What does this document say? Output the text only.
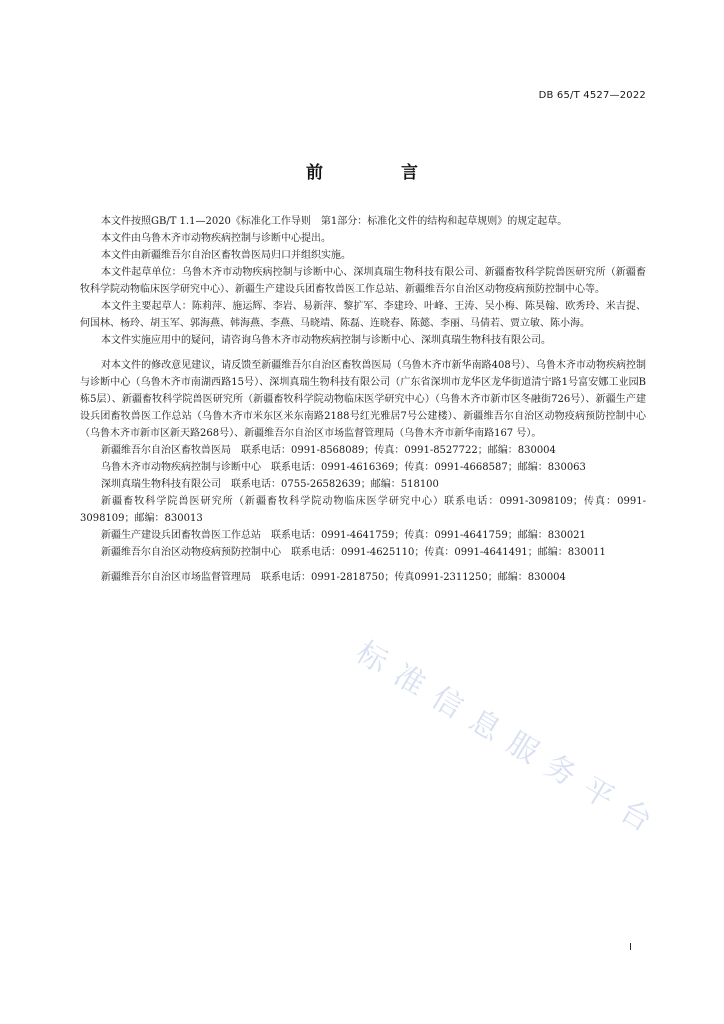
DB 65/T 4527—2022
前 言

本文件按照GB/T 1.1—2020《标准化工作导则　第1部分：标准化文件的结构和起草规则》的规定起草。

本文件由乌鲁木齐市动物疾病控制与诊断中心提出。

本文件由新疆维吾尔自治区畜牧兽医局归口并组织实施。

本文件起草单位：乌鲁木齐市动物疾病控制与诊断中心、深圳真瑞生物科技有限公司、新疆畜牧科学院兽医研究所（新疆畜牧科学院动物临床医学研究中心）、新疆生产建设兵团畜牧兽医工作总站、新疆维吾尔自治区动物疫病预防控制中心等。

本文件主要起草人：陈莉萍、施运辉、李岩、易新萍、黎扩军、李建玲、叶峰、王涛、吴小梅、陈昊翰、欧秀玲、米吉提、何国林、杨玲、胡玉军、郭海燕、韩海燕、李燕、马晓靖、陈磊、连晓春、陈懿、李丽、马倩若、贾立敏、陈小海。

本文件实施应用中的疑问，请咨询乌鲁木齐市动物疾病控制与诊断中心、深圳真瑞生物科技有限公司。

对本文件的修改意见建议，请反馈至新疆维吾尔自治区畜牧兽医局（乌鲁木齐市新华南路408号）、乌鲁木齐市动物疾病控制与诊断中心（乌鲁木齐市南湖西路15号）、深圳真瑞生物科技有限公司（广东省深圳市龙华区龙华街道清宁路1号富安娜工业园B栋5层）、新疆畜牧科学院兽医研究所（新疆畜牧科学院动物临床医学研究中心）（乌鲁木齐市新市区冬融街726号）、新疆生产建设兵团畜牧兽医工作总站（乌鲁木齐市米东区米东南路2188号红光雅居7号公建楼）、新疆维吾尔自治区动物疫病预防控制中心（乌鲁木齐市新市区新天路268号）、新疆维吾尔自治区市场监督管理局（乌鲁木齐市新华南路167 号）。

新疆维吾尔自治区畜牧兽医局　联系电话：0991-8568089；传真：0991-8527722；邮编：830004

乌鲁木齐市动物疾病控制与诊断中心　联系电话：0991-4616369；传真：0991-4668587；邮编：830063

深圳真瑞生物科技有限公司　联系电话：0755-26582639；邮编：518100

新疆畜牧科学院兽医研究所（新疆畜牧科学院动物临床医学研究中心）联系电话：0991-3098109；传真：0991-3098109；邮编：830013

新疆生产建设兵团畜牧兽医工作总站　联系电话：0991-4641759；传真：0991-4641759；邮编：830021

新疆维吾尔自治区动物疫病预防控制中心　联系电话：0991-4625110；传真：0991-4641491；邮编：830011

新疆维吾尔自治区市场监督管理局　联系电话：0991-2818750；传真0991-2311250；邮编：830004

标准信息服务平台
I
